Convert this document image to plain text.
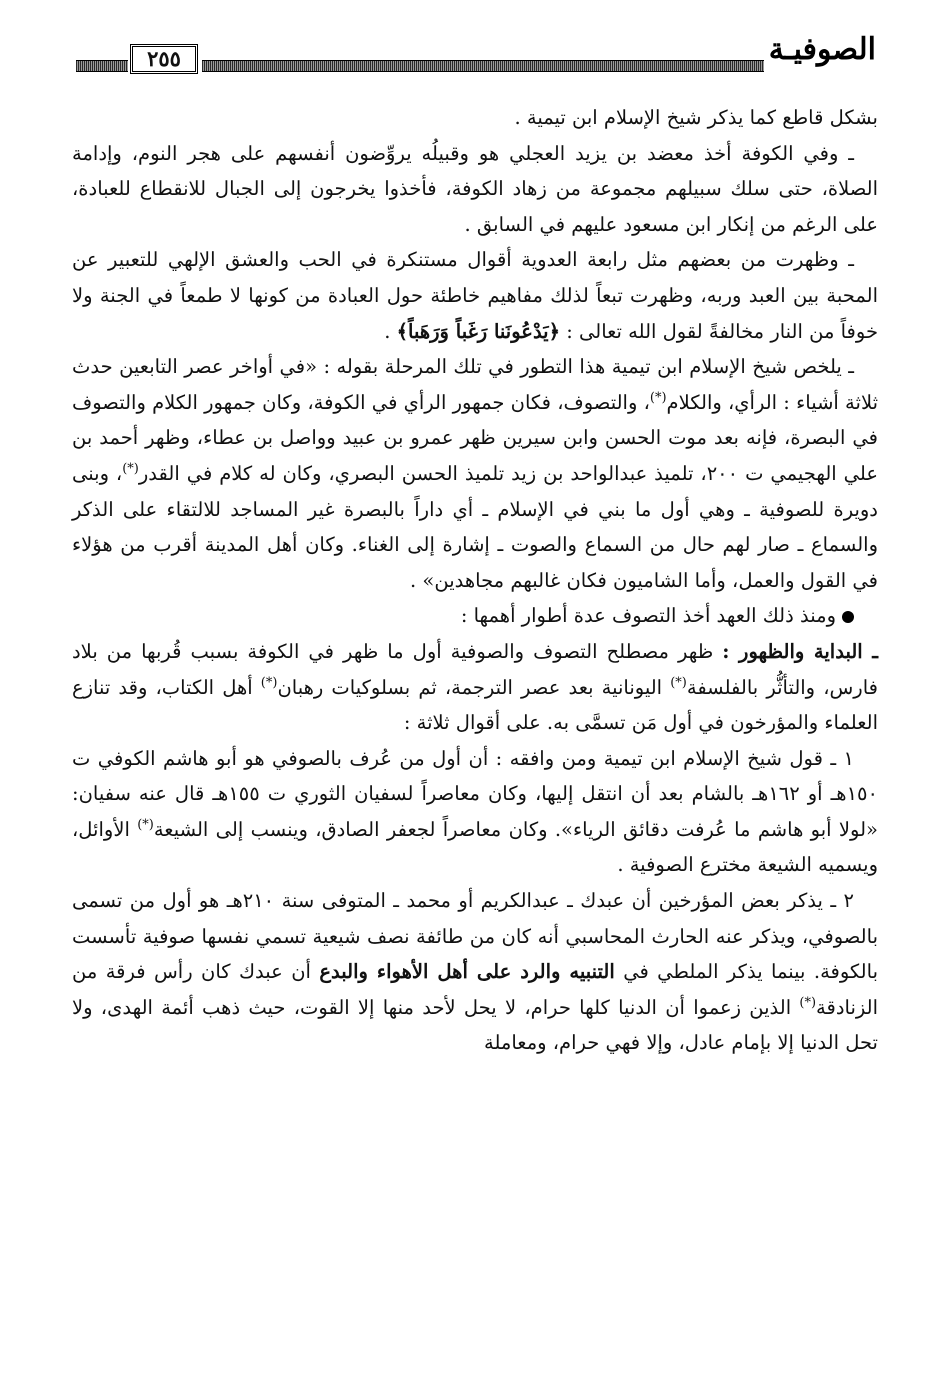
الصوفيـة
٢٥٥

بشكل قاطع كما يذكر شيخ الإسلام ابن تيمية .

ـ وفي الكوفة أخذ معضد بن يزيد العجلي هو وقبيلُه يروِّضون أنفسهم على هجر النوم، وإدامة الصلاة، حتى سلك سبيلهم مجموعة من زهاد الكوفة، فأخذوا يخرجون إلى الجبال للانقطاع للعبادة، على الرغم من إنكار ابن مسعود عليهم في السابق .

ـ وظهرت من بعضهم مثل رابعة العدوية أقوال مستنكرة في الحب والعشق الإلهي للتعبير عن المحبة بين العبد وربه، وظهرت تبعاً لذلك مفاهيم خاطئة حول العبادة من كونها لا طمعاً في الجنة ولا خوفاً من النار مخالفةً لقول الله تعالى : ﴿يَدْعُونَنا رَغَباً وَرَهَباً﴾ .

ـ يلخص شيخ الإسلام ابن تيمية هذا التطور في تلك المرحلة بقوله : «في أواخر عصر التابعين حدث ثلاثة أشياء : الرأي، والكلام(*)، والتصوف، فكان جمهور الرأي في الكوفة، وكان جمهور الكلام والتصوف في البصرة، فإنه بعد موت الحسن وابن سيرين ظهر عمرو بن عبيد وواصل بن عطاء، وظهر أحمد بن علي الهجيمي ت ٢٠٠، تلميذ عبدالواحد بن زيد تلميذ الحسن البصري، وكان له كلام في القدر(*)، وبنى دويرة للصوفية ـ وهي أول ما بني في الإسلام ـ أي داراً بالبصرة غير المساجد للالتقاء على الذكر والسماع ـ صار لهم حال من السماع والصوت ـ إشارة إلى الغناء. وكان أهل المدينة أقرب من هؤلاء في القول والعمل، وأما الشاميون فكان غالبهم مجاهدين» .

ومنذ ذلك العهد أخذ التصوف عدة أطوار أهمها :

ـ البداية والظهور : ظهر مصطلح التصوف والصوفية أول ما ظهر في الكوفة بسبب قُربها من بلاد فارس، والتأثُّر بالفلسفة(*) اليونانية بعد عصر الترجمة، ثم بسلوكيات رهبان(*) أهل الكتاب، وقد تنازع العلماء والمؤرخون في أول مَن تسمَّى به. على أقوال ثلاثة :

١ ـ قول شيخ الإسلام ابن تيمية ومن وافقه : أن أول من عُرف بالصوفي هو أبو هاشم الكوفي ت ١٥٠هـ أو ١٦٢هـ بالشام بعد أن انتقل إليها، وكان معاصراً لسفيان الثوري ت ١٥٥هـ قال عنه سفيان: «لولا أبو هاشم ما عُرفت دقائق الرياء». وكان معاصراً لجعفر الصادق، وينسب إلى الشيعة(*) الأوائل، ويسميه الشيعة مخترع الصوفية .

٢ ـ يذكر بعض المؤرخين أن عبدك ـ عبدالكريم أو محمد ـ المتوفى سنة ٢١٠هـ هو أول من تسمى بالصوفي، ويذكر عنه الحارث المحاسبي أنه كان من طائفة نصف شيعية تسمي نفسها صوفية تأسست بالكوفة. بينما يذكر الملطي في التنبيه والرد على أهل الأهواء والبدع أن عبدك كان رأس فرقة من الزنادقة(*) الذين زعموا أن الدنيا كلها حرام، لا يحل لأحد منها إلا القوت، حيث ذهب أئمة الهدى، ولا تحل الدنيا إلا بإمام عادل، وإلا فهي حرام، ومعاملة
